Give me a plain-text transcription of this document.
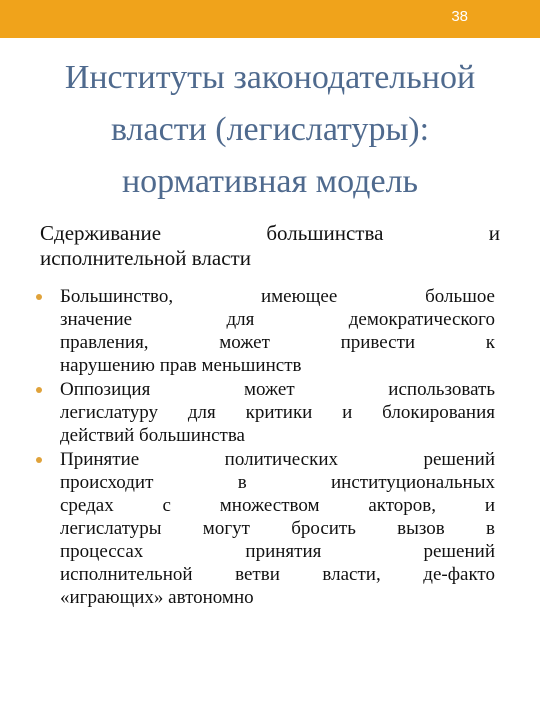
38
Институты законодательной
власти (легислатуры):
нормативная модель
Сдерживание большинства и
исполнительной власти
Большинство, имеющее большое
значение для демократического
правления, может привести к
нарушению прав меньшинств
Оппозиция может использовать
легислатуру для критики и блокирования
действий большинства
Принятие политических решений
происходит в институциональных
средах с множеством акторов, и
легислатуры могут бросить вызов в
процессах принятия решений
исполнительной ветви власти, де-факто
«играющих» автономно
